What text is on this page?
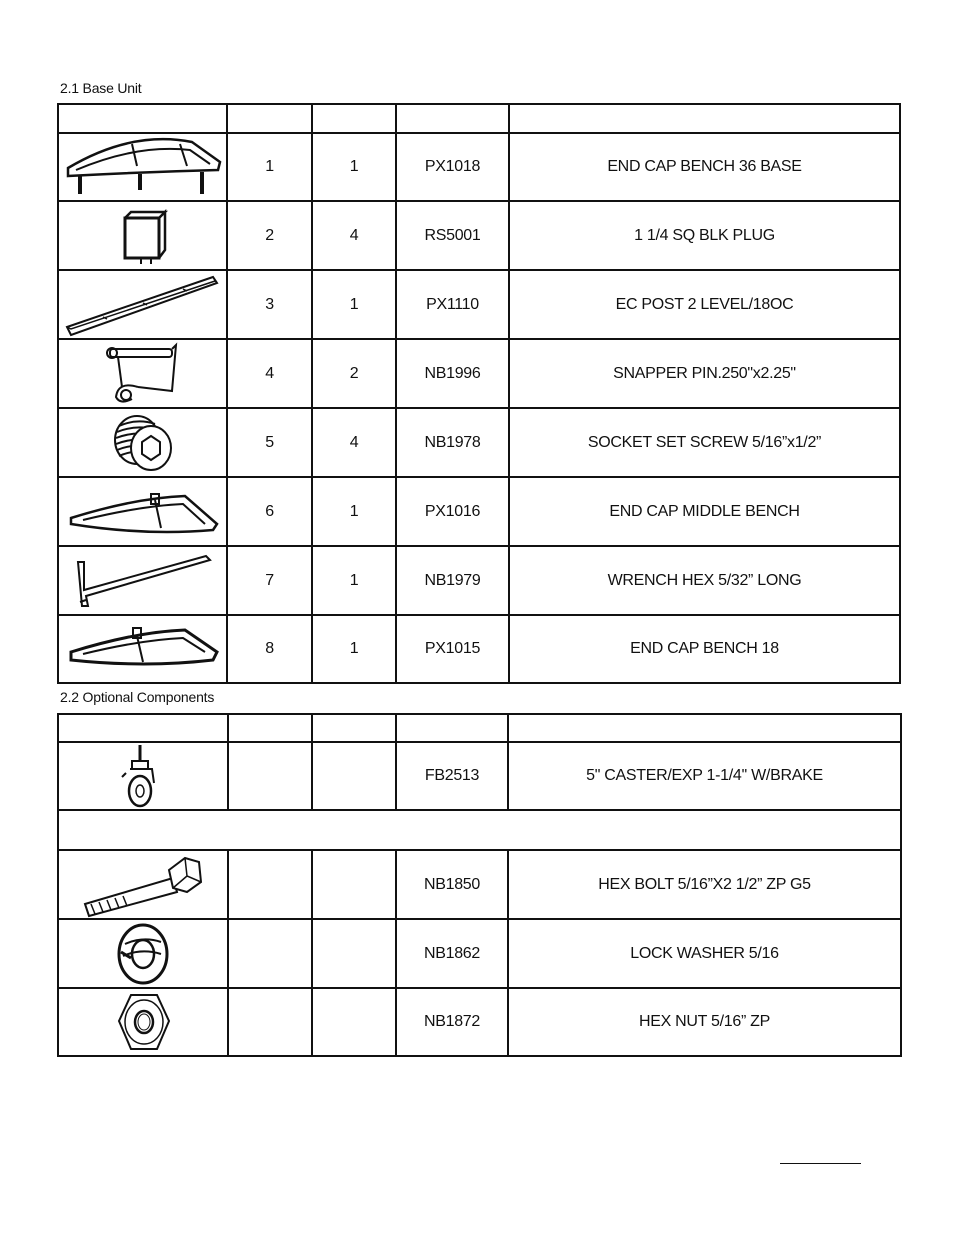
2.1 Base Unit

	1	1	PX1018	END CAP BENCH 36 BASE

	2	4	RS5001	1 1/4 SQ BLK PLUG

	3	1	PX1110	EC POST 2 LEVEL/18OC

	4	2	NB1996	SNAPPER PIN.250"x2.25"

	5	4	NB1978	SOCKET SET SCREW 5/16”x1/2”

	6	1	PX1016	END CAP MIDDLE BENCH

	7	1	NB1979	WRENCH HEX 5/32” LONG

	8	1	PX1015	END CAP BENCH 18
2.2 Optional Components

			FB2513	5" CASTER/EXP 1-1/4'' W/BRAKE

			NB1850	HEX BOLT 5/16”X2 1/2” ZP G5

			NB1862	LOCK WASHER 5/16

			NB1872	HEX NUT 5/16” ZP
